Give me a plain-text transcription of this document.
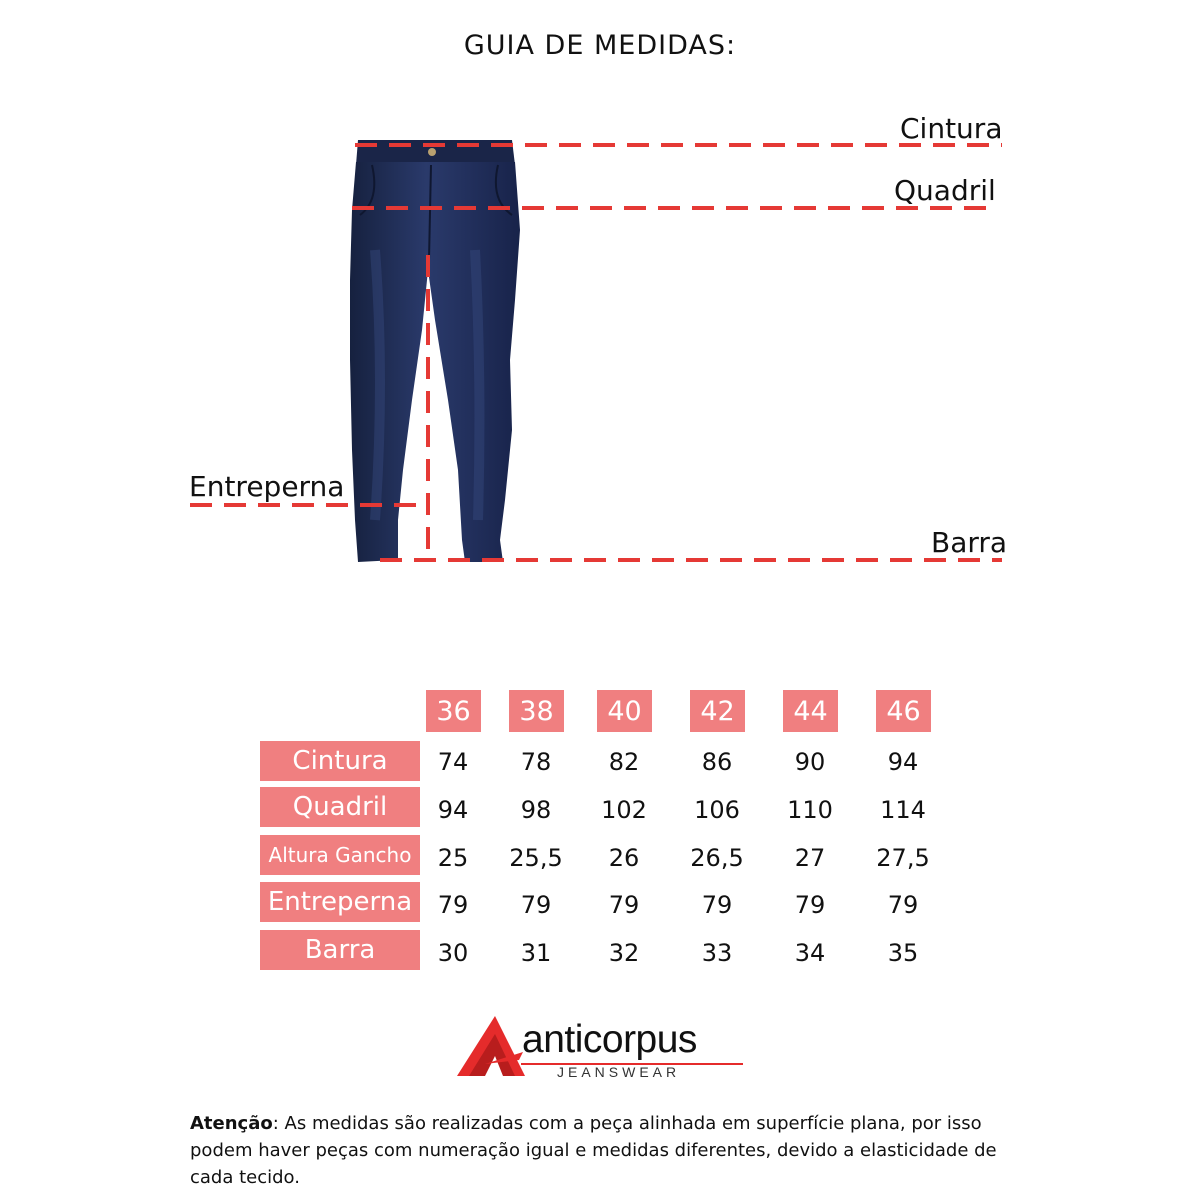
GUIA DE MEDIDAS:
Cintura
Quadril
Entreperna
Barra
36	38	40	42	44	46
Cintura	74	78	82	86	90	94
Quadril	94	98	102	106	110	114
Altura Gancho	25	25,5	26	26,5	27	27,5
Entreperna	79	79	79	79	79	79
Barra	30	31	32	33	34	35
anticorpus
JEANSWEAR
Atenção: As medidas são realizadas com a peça alinhada em superfície plana, por isso podem haver peças com numeração igual e medidas diferentes, devido a elasticidade de cada tecido.
